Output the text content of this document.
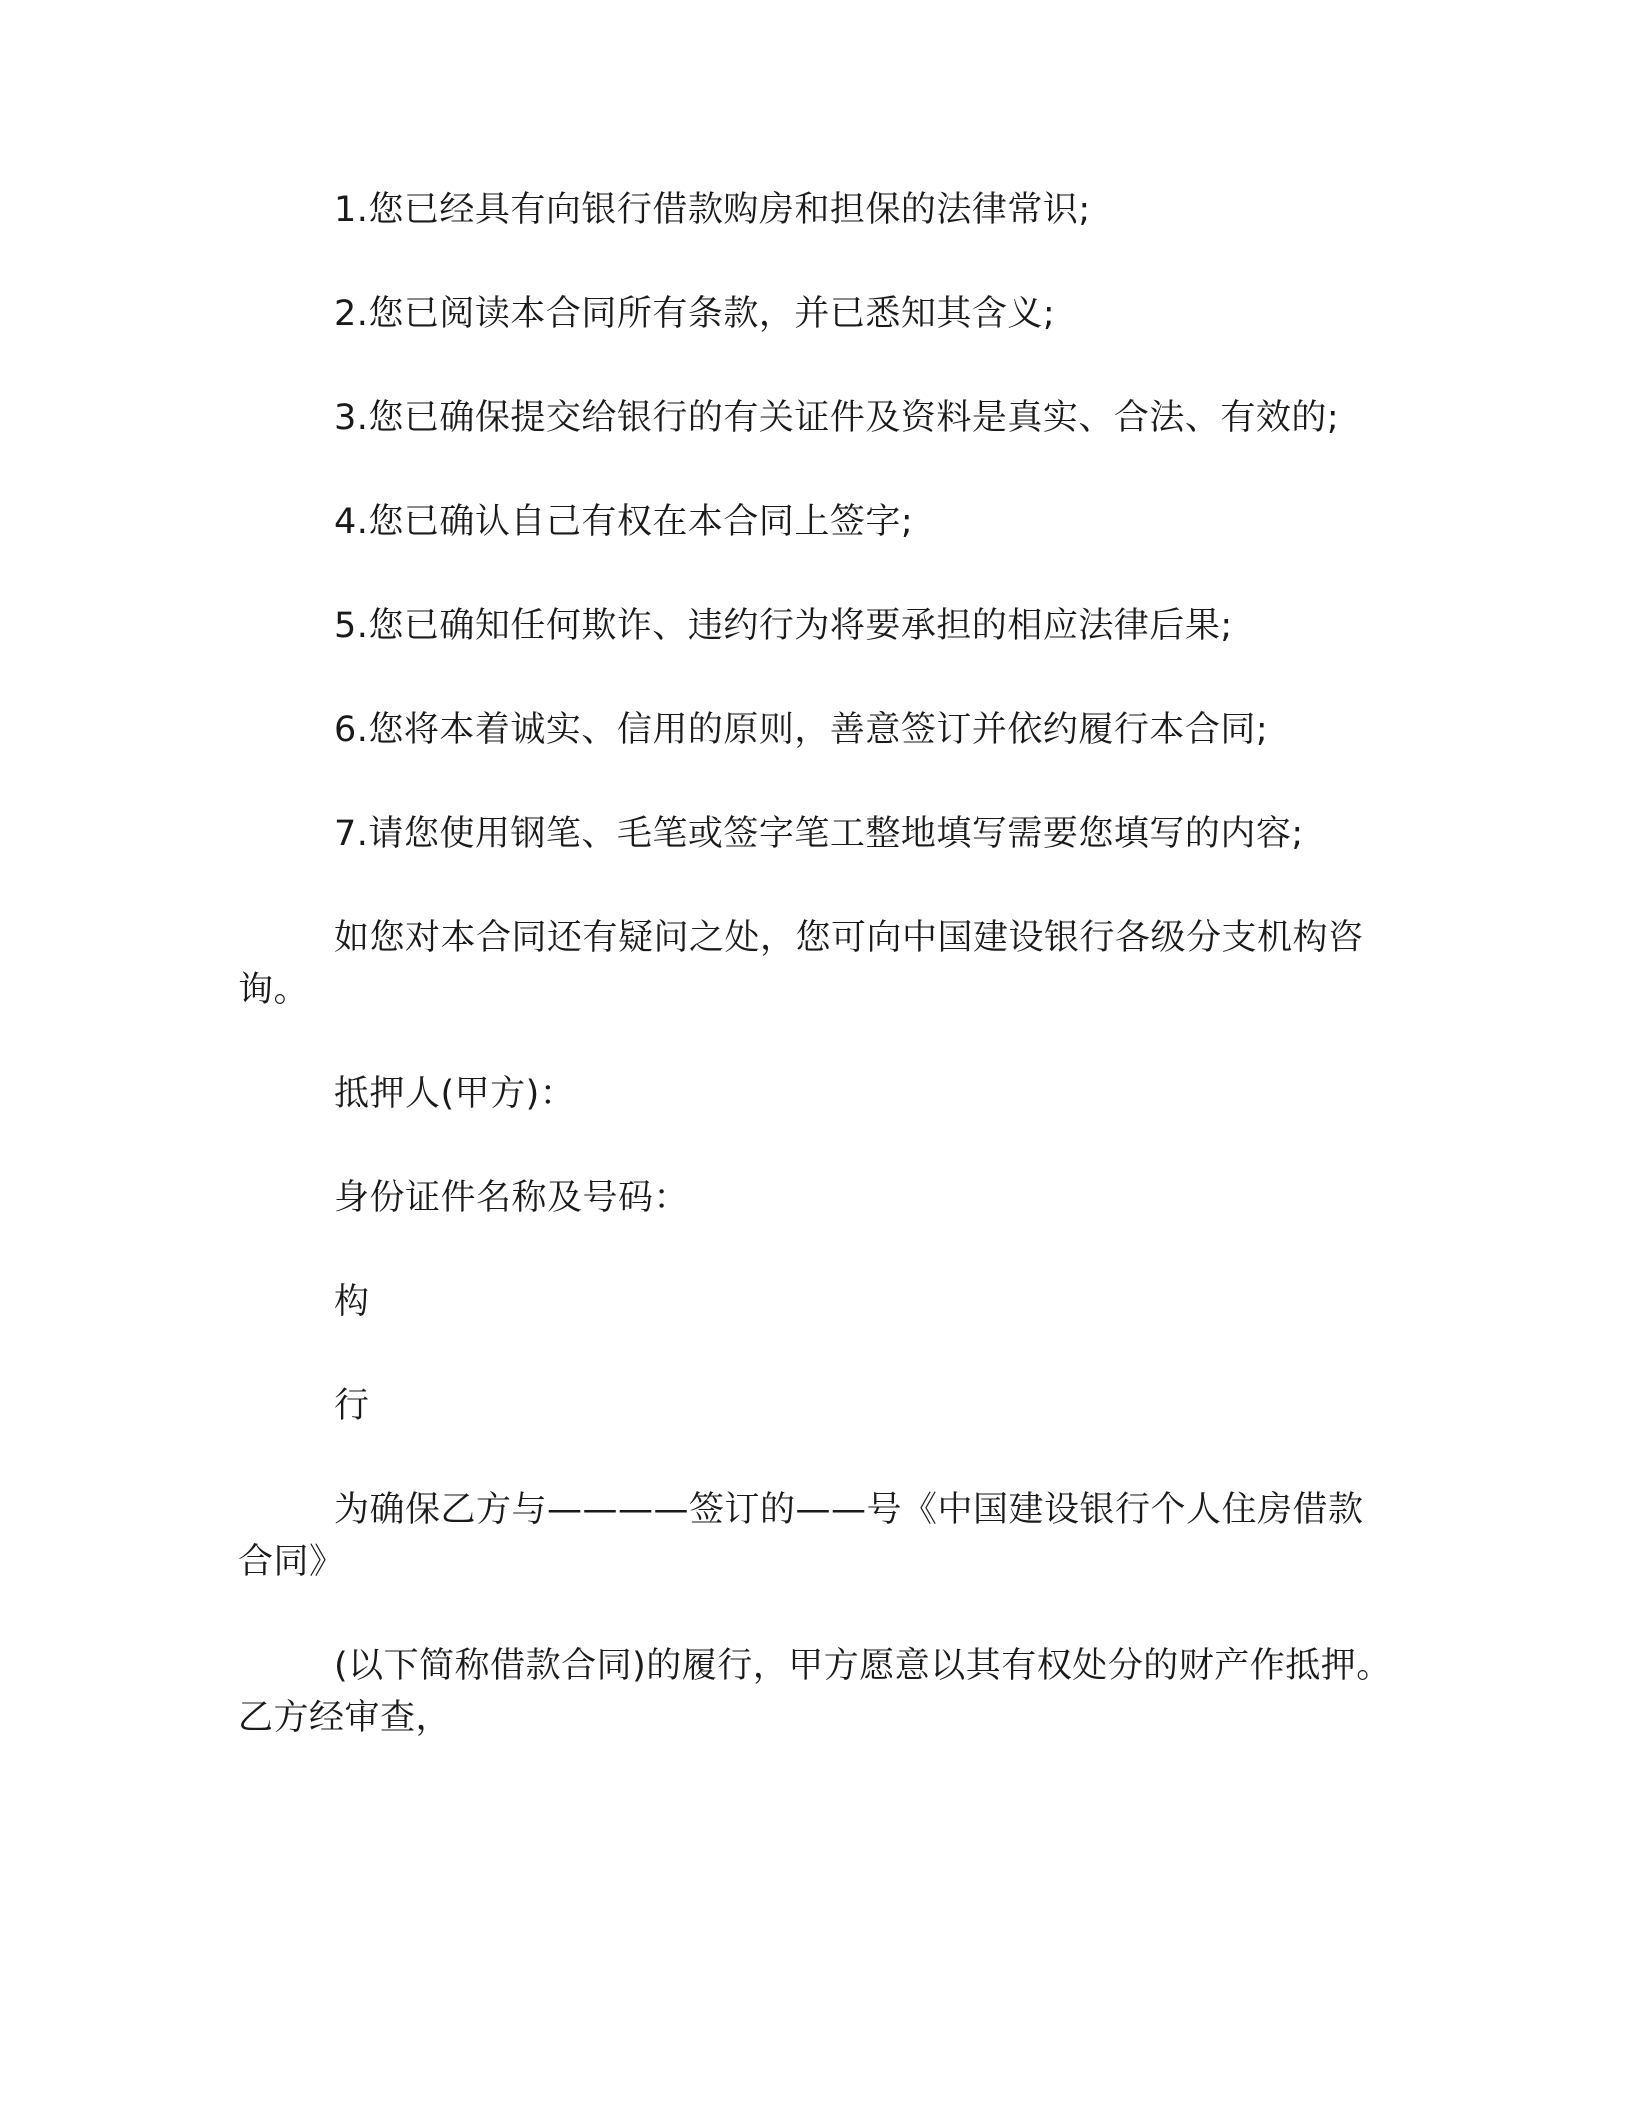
1.您已经具有向银行借款购房和担保的法律常识;

2.您已阅读本合同所有条款，并已悉知其含义;

3.您已确保提交给银行的有关证件及资料是真实、合法、有效的;

4.您已确认自己有权在本合同上签字;

5.您已确知任何欺诈、违约行为将要承担的相应法律后果;

6.您将本着诚实、信用的原则，善意签订并依约履行本合同;

7.请您使用钢笔、毛笔或签字笔工整地填写需要您填写的内容;

如您对本合同还有疑问之处，您可向中国建设银行各级分支机构咨询。

抵押人(甲方)：

身份证件名称及号码：

构

行

为确保乙方与————签订的——号《中国建设银行个人住房借款合同》

(以下简称借款合同)的履行，甲方愿意以其有权处分的财产作抵押。乙方经审查，
